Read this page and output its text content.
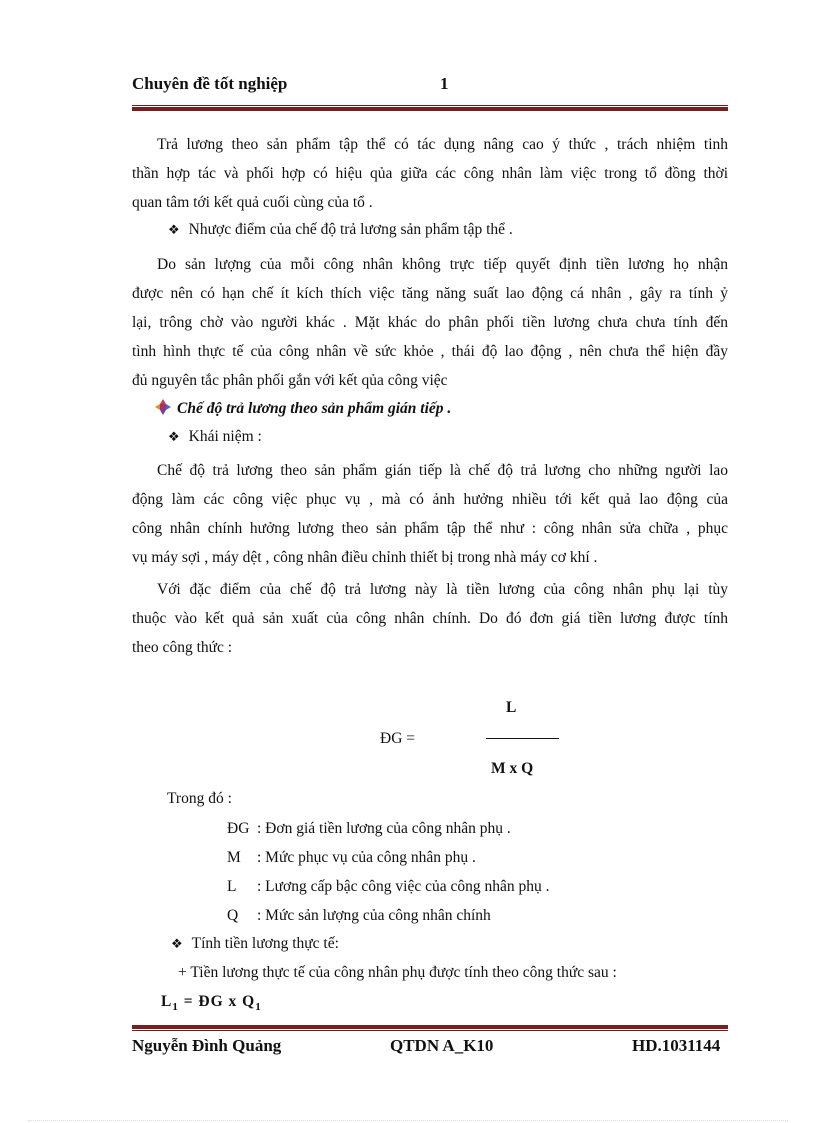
Chuyên đề tốt nghiệp	1
Trả lương theo sản phẩm tập thể có tác dụng nâng cao ý thức , trách nhiệm tinh
thần hợp tác và phối hợp có hiệu qủa giữa các công nhân làm việc trong tổ đồng thời
quan tâm tới kết quả cuối cùng của tổ .
❖ Nhược điểm của chế độ trả lương sản phẩm tập thể .
Do sản lượng của mỗi công nhân không trực tiếp quyết định tiền lương họ nhận
được nên có hạn chế ít kích thích việc tăng năng suất lao động cá nhân , gây ra tính ỷ
lại, trông chờ vào người khác . Mặt khác do phân phối tiền lương chưa chưa tính đến
tình hình thực tế của công nhân về sức khỏe , thái độ lao động , nên chưa thể hiện đầy
đủ nguyên tắc phân phối gắn với kết qủa công việc
Chế độ trả lương theo sản phẩm gián tiếp .
❖ Khái niệm :
Chế độ trả lương theo sản phẩm gián tiếp là chế độ trả lương cho những người lao
động làm các công việc phục vụ , mà có ảnh hưởng nhiều tới kết quả lao động của
công nhân chính hưởng lương theo sản phẩm tập thể như : công nhân sửa chữa , phục
vụ máy sợi , máy dệt , công nhân điều chỉnh thiết bị trong nhà máy cơ khí .
Với đặc điểm của chế độ trả lương này là tiền lương của công nhân phụ lại tùy
thuộc vào kết quả sản xuất của công nhân chính. Do đó đơn giá tiền lương được tính
theo công thức :
ĐG =
L
M x Q
Trong đó :
ĐG : Đơn giá tiền lương của công nhân phụ .
M : Mức phục vụ của công nhân phụ .
L : Lương cấp bậc công việc của công nhân phụ .
Q : Mức sản lượng của công nhân chính
❖ Tính tiền lương thực tế:
+ Tiền lương thực tế của công nhân phụ được tính theo công thức sau :
$L_1$ = ĐG x $Q_1$
Nguyễn Đình Quảng	QTDN A_K10	HD.1031144
